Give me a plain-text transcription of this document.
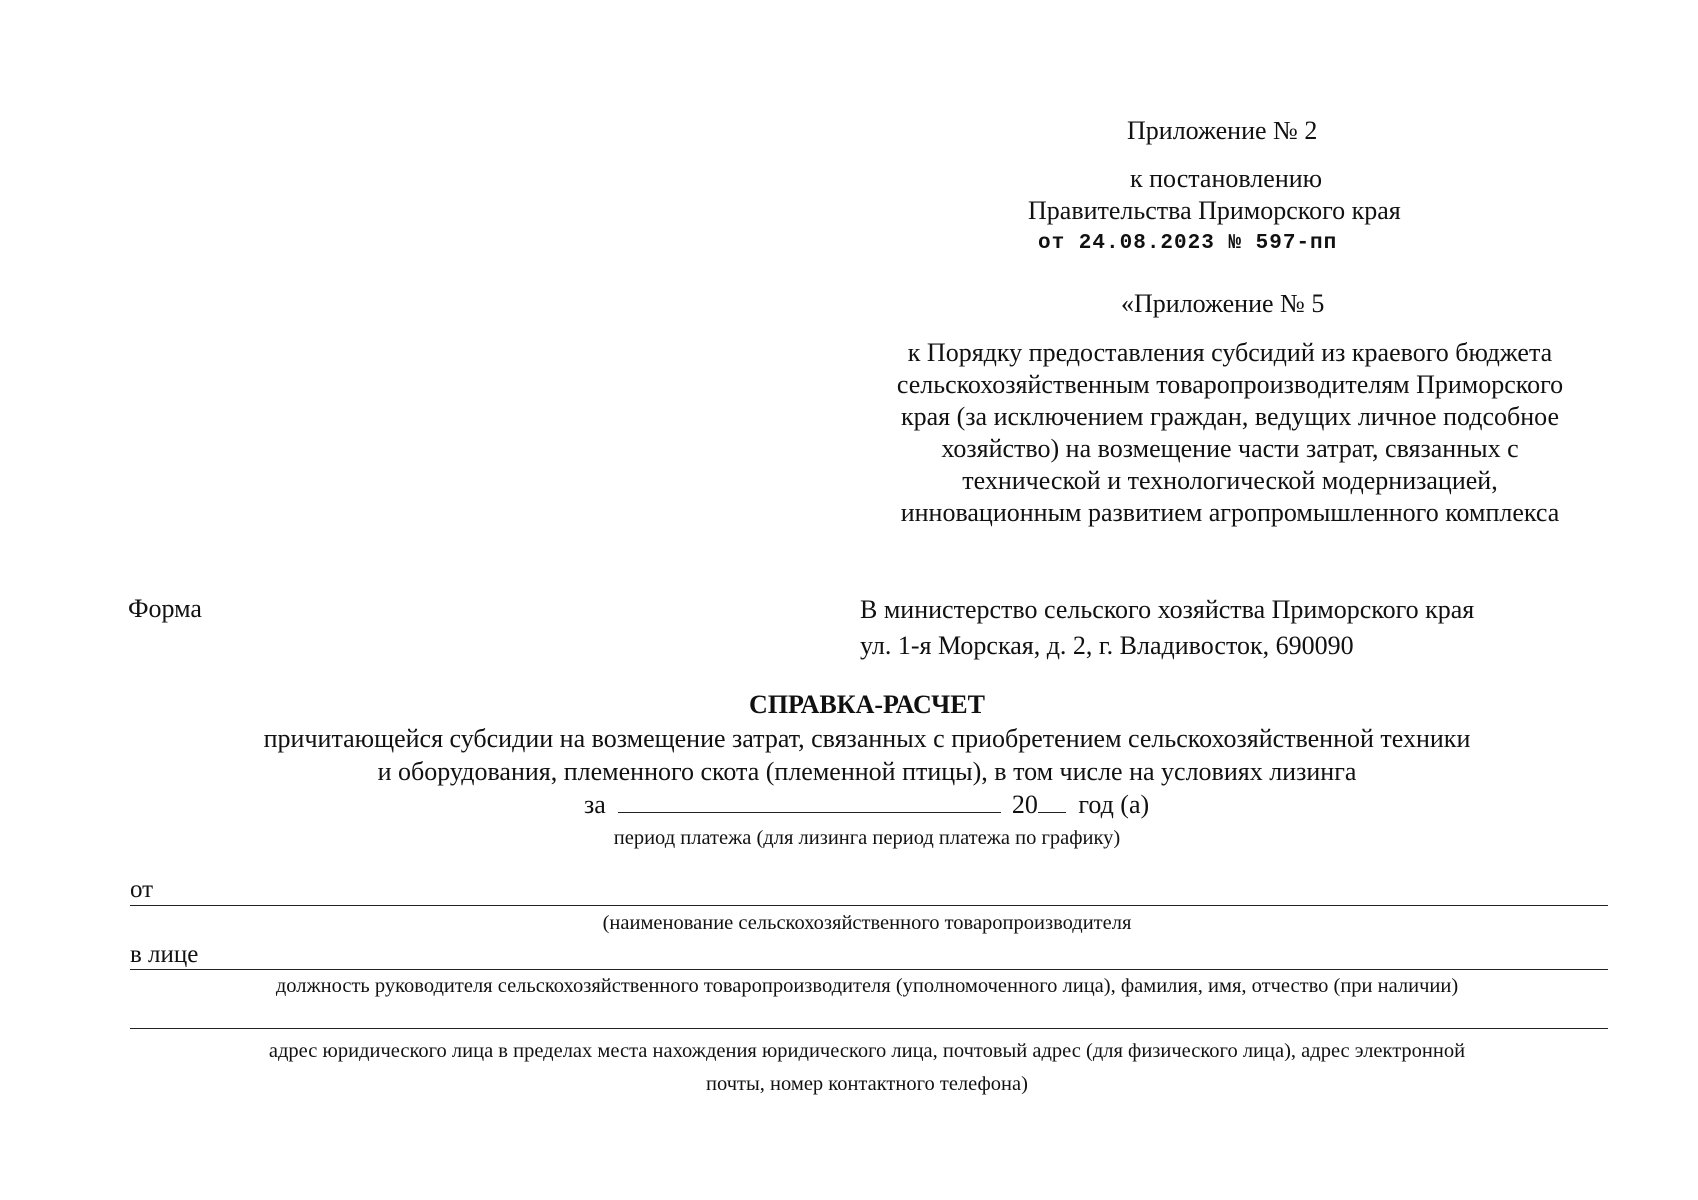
Приложение № 2
к постановлению
Правительства Приморского края
от 24.08.2023 № 597-пп
«Приложение № 5

к Порядку предоставления субсидий из краевого бюджета

сельскохозяйственным товаропроизводителям Приморского

края (за исключением граждан, ведущих личное подсобное

хозяйство) на возмещение части затрат, связанных с

технической и технологической модернизацией,

инновационным развитием агропромышленного комплекса

Форма	В министерство сельского хозяйства Приморского края
ул. 1-я Морская, д. 2, г. Владивосток, 690090
СПРАВКА-РАСЧЕТ
причитающейся субсидии на возмещение затрат, связанных с приобретением сельскохозяйственной техники
и оборудования, племенного скота (племенной птицы), в том числе на условиях лизинга
за	20 год (а)
период платежа (для лизинга период платежа по графику)
от
(наименование сельскохозяйственного товаропроизводителя
в лице
должность руководителя сельскохозяйственного товаропроизводителя (уполномоченного лица), фамилия, имя, отчество (при наличии)
адрес юридического лица в пределах места нахождения юридического лица, почтовый адрес (для физического лица), адрес электронной
почты, номер контактного телефона)
